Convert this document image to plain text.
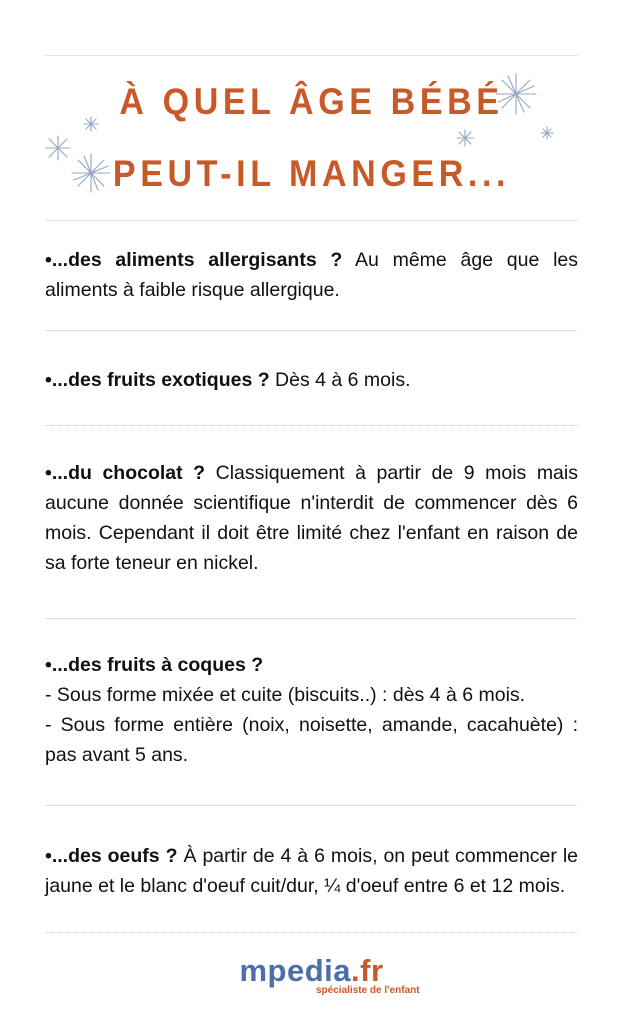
À QUEL ÂGE BÉBÉ
PEUT-IL MANGER...
•...des aliments allergisants ? Au même âge que les aliments à faible risque allergique.
•...des fruits exotiques ? Dès 4 à 6 mois.
•...du chocolat ? Classiquement à partir de 9 mois mais aucune donnée scientifique n'interdit de commencer dès 6 mois. Cependant il doit être limité chez l'enfant en raison de sa forte teneur en nickel.
•...des fruits à coques ?
- Sous forme mixée et cuite (biscuits..) : dès 4 à 6 mois.
- Sous forme entière (noix, noisette, amande, cacahuète) : pas avant 5 ans.
•...des oeufs ? À partir de 4 à 6 mois, on peut commencer le jaune et le blanc d'oeuf cuit/dur, ¼ d'oeuf entre 6 et 12 mois.
mpedia.fr
spécialiste de l'enfant
